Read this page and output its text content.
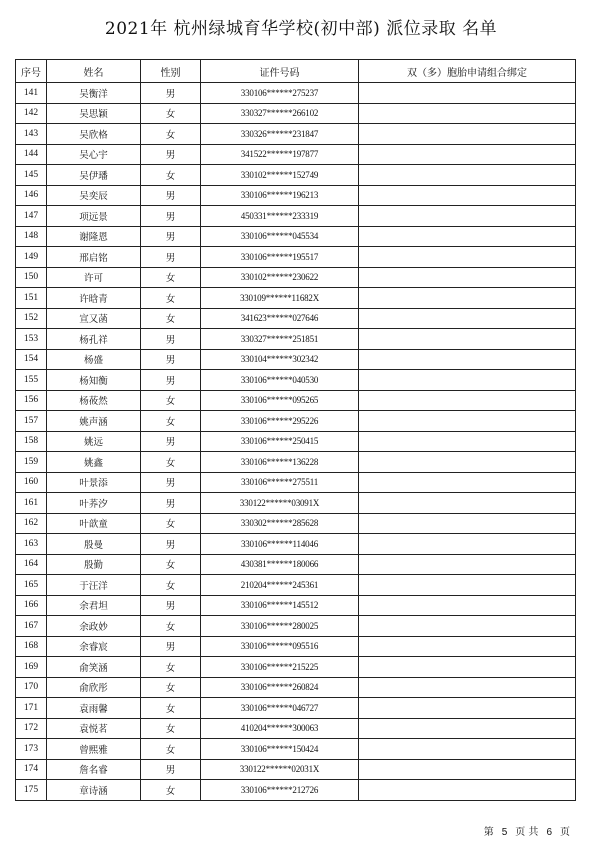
2021年 杭州绿城育华学校(初中部) 派位录取 名单
序号	姓名	性别	证件号码	双（多）胞胎申请组合绑定
141	吴衡洋	男	330106******275237	
142	吴思颖	女	330327******266102	
143	吴欣格	女	330326******231847	
144	吴心宇	男	341522******197877	
145	吴伊璠	女	330102******152749	
146	吴奕辰	男	330106******196213	
147	项远景	男	450331******233319	
148	谢隆恩	男	330106******045534	
149	邢启铭	男	330106******195517	
150	许可	女	330102******230622	
151	许晗青	女	330109******11682X	
152	宣又菡	女	341623******027646	
153	杨孔祥	男	330327******251851	
154	杨盛	男	330104******302342	
155	杨知衡	男	330106******040530	
156	杨莜然	女	330106******095265	
157	姚声涵	女	330106******295226	
158	姚远	男	330106******250415	
159	姚鑫	女	330106******136228	
160	叶景添	男	330106******275511	
161	叶荞汐	男	330122******03091X	
162	叶歆童	女	330302******285628	
163	殷曼	男	330106******114046	
164	殷勤	女	430381******180066	
165	于汪洋	女	210204******245361	
166	余君坦	男	330106******145512	
167	余政妙	女	330106******280025	
168	余睿宸	男	330106******095516	
169	俞笑涵	女	330106******215225	
170	俞欣彤	女	330106******260824	
171	袁雨馨	女	330106******046727	
172	袁悦茗	女	410204******300063	
173	曾熙雅	女	330106******150424	
174	詹名睿	男	330122******02031X	
175	章诗涵	女	330106******212726	
第 5 页 共 6 页
